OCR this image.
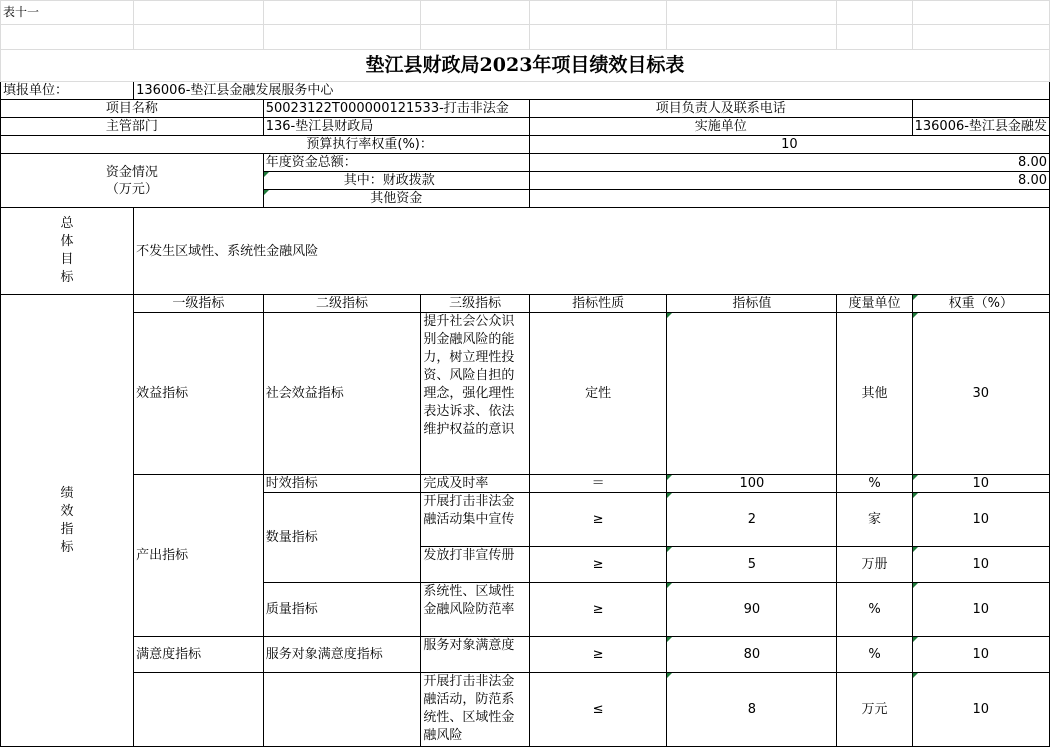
表十一							

垫江县财政局2023年项目绩效目标表							
填报单位：	136006-垫江县金融发展服务中心						
项目名称		50023122T000000121533-打击非法金		项目负责人及联系电话			
主管部门		136-垫江县财政局		实施单位			136006-垫江县金融发
预算执行率权重(%)：				10			
资金情况
（万元）		年度资金总额：		8.00			
		其中：财政拨款		8.00			
		其他资金					

总体目标	不发生区域性、系统性金融风险						

绩效指标	一级指标	二级指标	三级指标	指标性质	指标值	度量单位	权重（%）
	效益指标	社会效益指标	提升社会公众识别金融风险的能力，树立理性投资、风险自担的理念，强化理性表达诉求、依法维护权益的意识	定性		其他	30
	产出指标	时效指标	完成及时率	＝	100	%	10
		数量指标	开展打击非法金融活动集中宣传	≥	2	家	10
			发放打非宣传册	≥	5	万册	10
		质量指标	系统性、区域性金融风险防范率	≥	90	%	10
	满意度指标	服务对象满意度指标	服务对象满意度	≥	80	%	10
			开展打击非法金融活动，防范系统性、区域性金融风险	≤	8	万元	10
